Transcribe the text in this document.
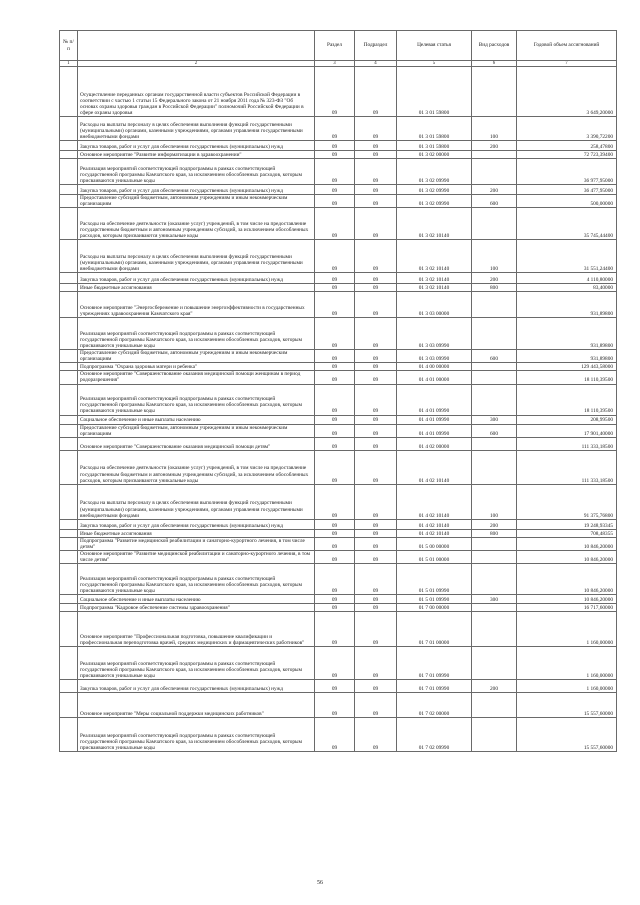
№ п/п		Раздел	Подраздел	Целевая статья	Вид расходов	Годовой объем ассигнований
1	2	3	4	5	6	7
	Осуществление переданных органам государственной власти субъектов Российской Федерации в соответствии с частью 1 статьи 15 Федерального закона от 21 ноября 2011 года № 323-ФЗ "Об основах охраны здоровья граждан в Российской Федерации" полномочий Российской Федерации в сфере охраны здоровья	09	09	01 3 01 59800		3 649,20000
	Расходы на выплаты персоналу в целях обеспечения выполнения функций государственными (муниципальными) органами, казенными учреждениями, органами управления государственными внебюджетными фондами	09	09	01 3 01 59800	100	3 390,72200
	Закупка товаров, работ и услуг для обеспечения государственных (муниципальных) нужд	09	09	01 3 01 59800	200	258,47800
	Основное мероприятие "Развитие информатизации в здравоохранении"	09	09	01 3 02 00000		72 723,39400
	Реализация мероприятий соответствующей подпрограммы в рамках соответствующей государственной программы Камчатского края, за исключением обособленных расходов, которым присваиваются уникальные коды	09	09	01 3 02 09990		36 977,95000
	Закупка товаров, работ и услуг для обеспечения государственных (муниципальных) нужд	09	09	01 3 02 09990	200	36 477,95000
	Предоставление субсидий бюджетным, автономным учреждениям и иным некоммерческим организациям	09	09	01 3 02 09990	600	500,00000
	Расходы на обеспечение деятельности (оказание услуг) учреждений, в том числе на предоставление государственным бюджетным и автономным учреждениям субсидий, за исключением обособленных расходов, которым присваиваются уникальные коды	09	09	01 3 02 10140		35 745,44400
	Расходы на выплаты персоналу в целях обеспечения выполнения функций государственными (муниципальными) органами, казенными учреждениями, органами управления государственными внебюджетными фондами	09	09	01 3 02 10140	100	31 551,24400
	Закупка товаров, работ и услуг для обеспечения государственных (муниципальных) нужд	09	09	01 3 02 10140	200	4 110,80000
	Иные бюджетные ассигнования	09	09	01 3 02 10140	800	83,40000
	Основное мероприятие "Энергосбережение и повышение энергоэффективности в государственных учреждениях здравоохранения Камчатского края"	09	09	01 3 03 00000		931,89800
	Реализация мероприятий соответствующей подпрограммы в рамках соответствующей государственной программы Камчатского края, за исключением обособленных расходов, которым присваиваются уникальные коды	09	09	01 3 03 09990		931,89800
	Предоставление субсидий бюджетным, автономным учреждениям и иным некоммерческим организациям	09	09	01 3 03 09990	600	931,89800
	Подпрограмма "Охрана здоровья матери и ребенка"	09	09	01 4 00 00000		129 443,58000
	Основное мероприятие "Совершенствование оказания медицинской помощи женщинам в период родоразрешения"	09	09	01 4 01 00000		18 110,39500
	Реализация мероприятий соответствующей подпрограммы в рамках соответствующей государственной программы Камчатского края, за исключением обособленных расходов, которым присваиваются уникальные коды	09	09	01 4 01 09990		18 110,39500
	Социальное обеспечение и иные выплаты населению	09	09	01 4 01 09990	300	208,99500
	Предоставление субсидий бюджетным, автономным учреждениям и иным некоммерческим организациям	09	09	01 4 01 09990	600	17 901,40000
	Основное мероприятие "Совершенствование оказания медицинской помощи детям"	09	09	01 4 02 00000		111 333,18500
	Расходы на обеспечение деятельности (оказание услуг) учреждений, в том числе на предоставление государственным бюджетным и автономным учреждениям субсидий, за исключением обособленных расходов, которым присваиваются уникальные коды	09	09	01 4 02 10140		111 333,18500
	Расходы на выплаты персоналу в целях обеспечения выполнения функций государственными (муниципальными) органами, казенными учреждениями, органами управления государственными внебюджетными фондами	09	09	01 4 02 10140	100	91 375,76800
	Закупка товаров, работ и услуг для обеспечения государственных (муниципальных) нужд	09	09	01 4 02 10140	200	19 248,93345
	Иные бюджетные ассигнования	09	09	01 4 02 10140	800	708,48355
	Подпрограмма "Развитие медицинской реабилитации и санаторно-курортного лечения, в том числе детям"	09	09	01 5 00 00000		10 846,20000
	Основное мероприятие "Развитие медицинской реабилитации и санаторно-курортного лечения, в том числе детям"	09	09	01 5 01 00000		10 846,20000
	Реализация мероприятий соответствующей подпрограммы в рамках соответствующей государственной программы Камчатского края, за исключением обособленных расходов, которым присваиваются уникальные коды	09	09	01 5 01 09990		10 846,20000
	Социальное обеспечение и иные выплаты населению	09	09	01 5 01 09990	300	10 846,20000
	Подпрограмма "Кадровое обеспечение системы здравоохранения"	09	09	01 7 00 00000		16 717,60000
	Основное мероприятие "Профессиональная подготовка, повышение квалификации и профессиональная переподготовка врачей, средних медицинских и фармацевтических работников"	09	09	01 7 01 00000		1 160,00000
	Реализация мероприятий соответствующей подпрограммы в рамках соответствующей государственной программы Камчатского края, за исключением обособленных расходов, которым присваиваются уникальные коды	09	09	01 7 01 09990		1 160,00000
	Закупка товаров, работ и услуг для обеспечения государственных (муниципальных) нужд	09	09	01 7 01 09990	200	1 160,00000
	Основное мероприятие "Меры социальной поддержки медицинских работников"	09	09	01 7 02 00000		15 557,60000
	Реализация мероприятий соответствующей подпрограммы в рамках соответствующей государственной программы Камчатского края, за исключением обособленных расходов, которым присваиваются уникальные коды	09	09	01 7 02 09990		15 557,60000
56
